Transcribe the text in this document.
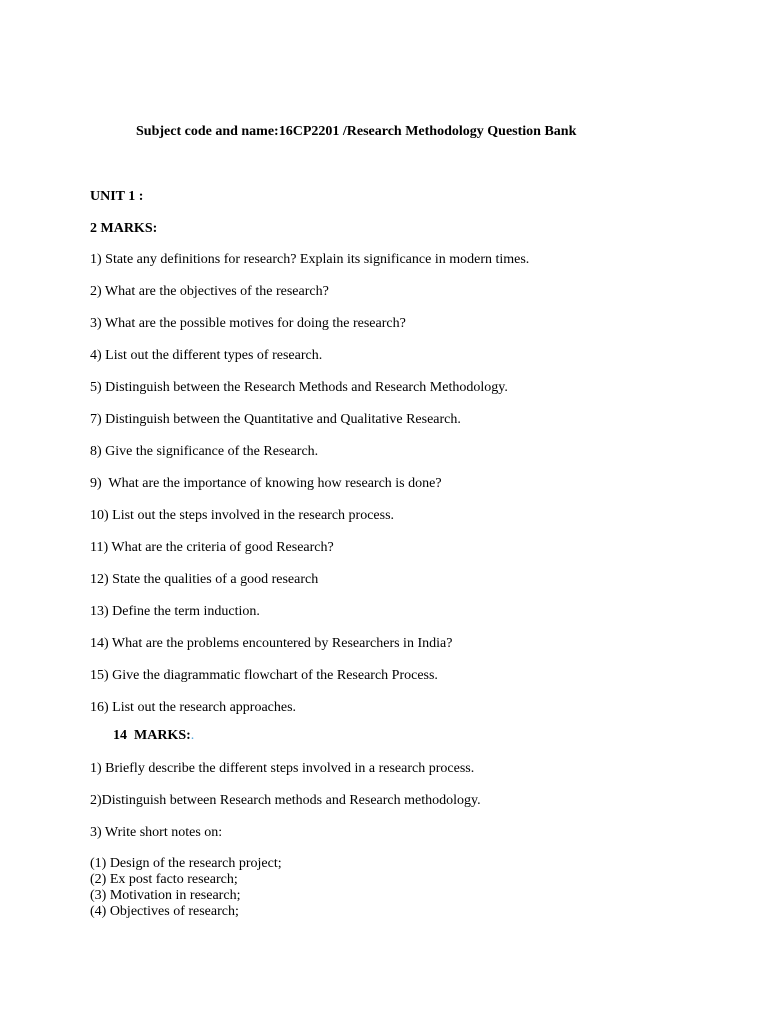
Subject code and name:16CP2201 /Research Methodology Question Bank
UNIT 1 :
2 MARKS:
1) State any definitions for research? Explain its significance in modern times.
2) What are the objectives of the research?
3) What are the possible motives for doing the research?
4) List out the different types of research.
5) Distinguish between the Research Methods and Research Methodology.
7) Distinguish between the Quantitative and Qualitative Research.
8) Give the significance of the Research.
9)  What are the importance of knowing how research is done?
10) List out the steps involved in the research process.
11) What are the criteria of good Research?
12) State the qualities of a good research
13) Define the term induction.
14) What are the problems encountered by Researchers in India?
15) Give the diagrammatic flowchart of the Research Process.
16) List out the research approaches.
14  MARKS:.
1) Briefly describe the different steps involved in a research process.
2)Distinguish between Research methods and Research methodology.
3) Write short notes on:
(1) Design of the research project;
(2) Ex post facto research;
(3) Motivation in research;
(4) Objectives of research;
